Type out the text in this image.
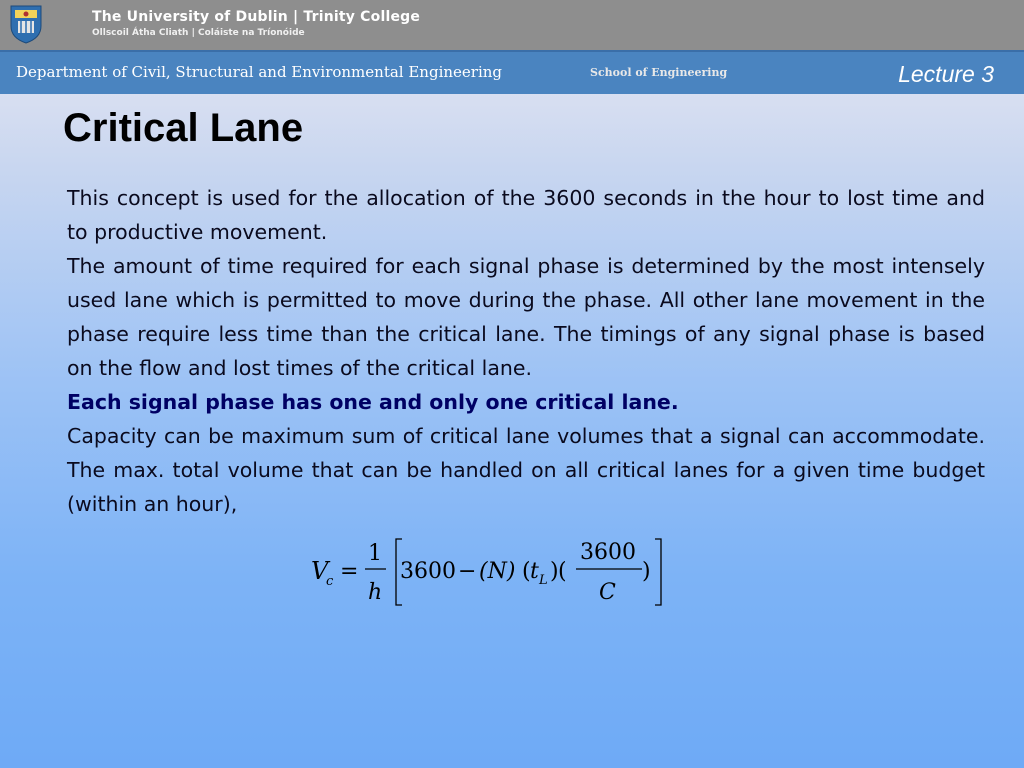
The University of Dublin | Trinity College
Ollscoil Átha Cliath | Coláiste na Tríonóide
Department of Civil, Structural and Environmental Engineering	School of Engineering	Lecture 3
Critical Lane

This concept is used for the allocation of the 3600 seconds in the hour to lost time and to productive movement.

The amount of time required for each signal phase is determined by the most intensely used lane which is permitted to move during the phase. All other lane movement in the phase require less time than the critical lane. The timings of any signal phase is based on the flow and lost times of the critical lane.

Each signal phase has one and only one critical lane.

Capacity can be maximum sum of critical lane volumes that a signal can accommodate. The max. total volume that can be handled on all critical lanes for a given time budget (within an hour),

V
c =
1
h
3600 − (N) ( t L ) (
3600
C
)
